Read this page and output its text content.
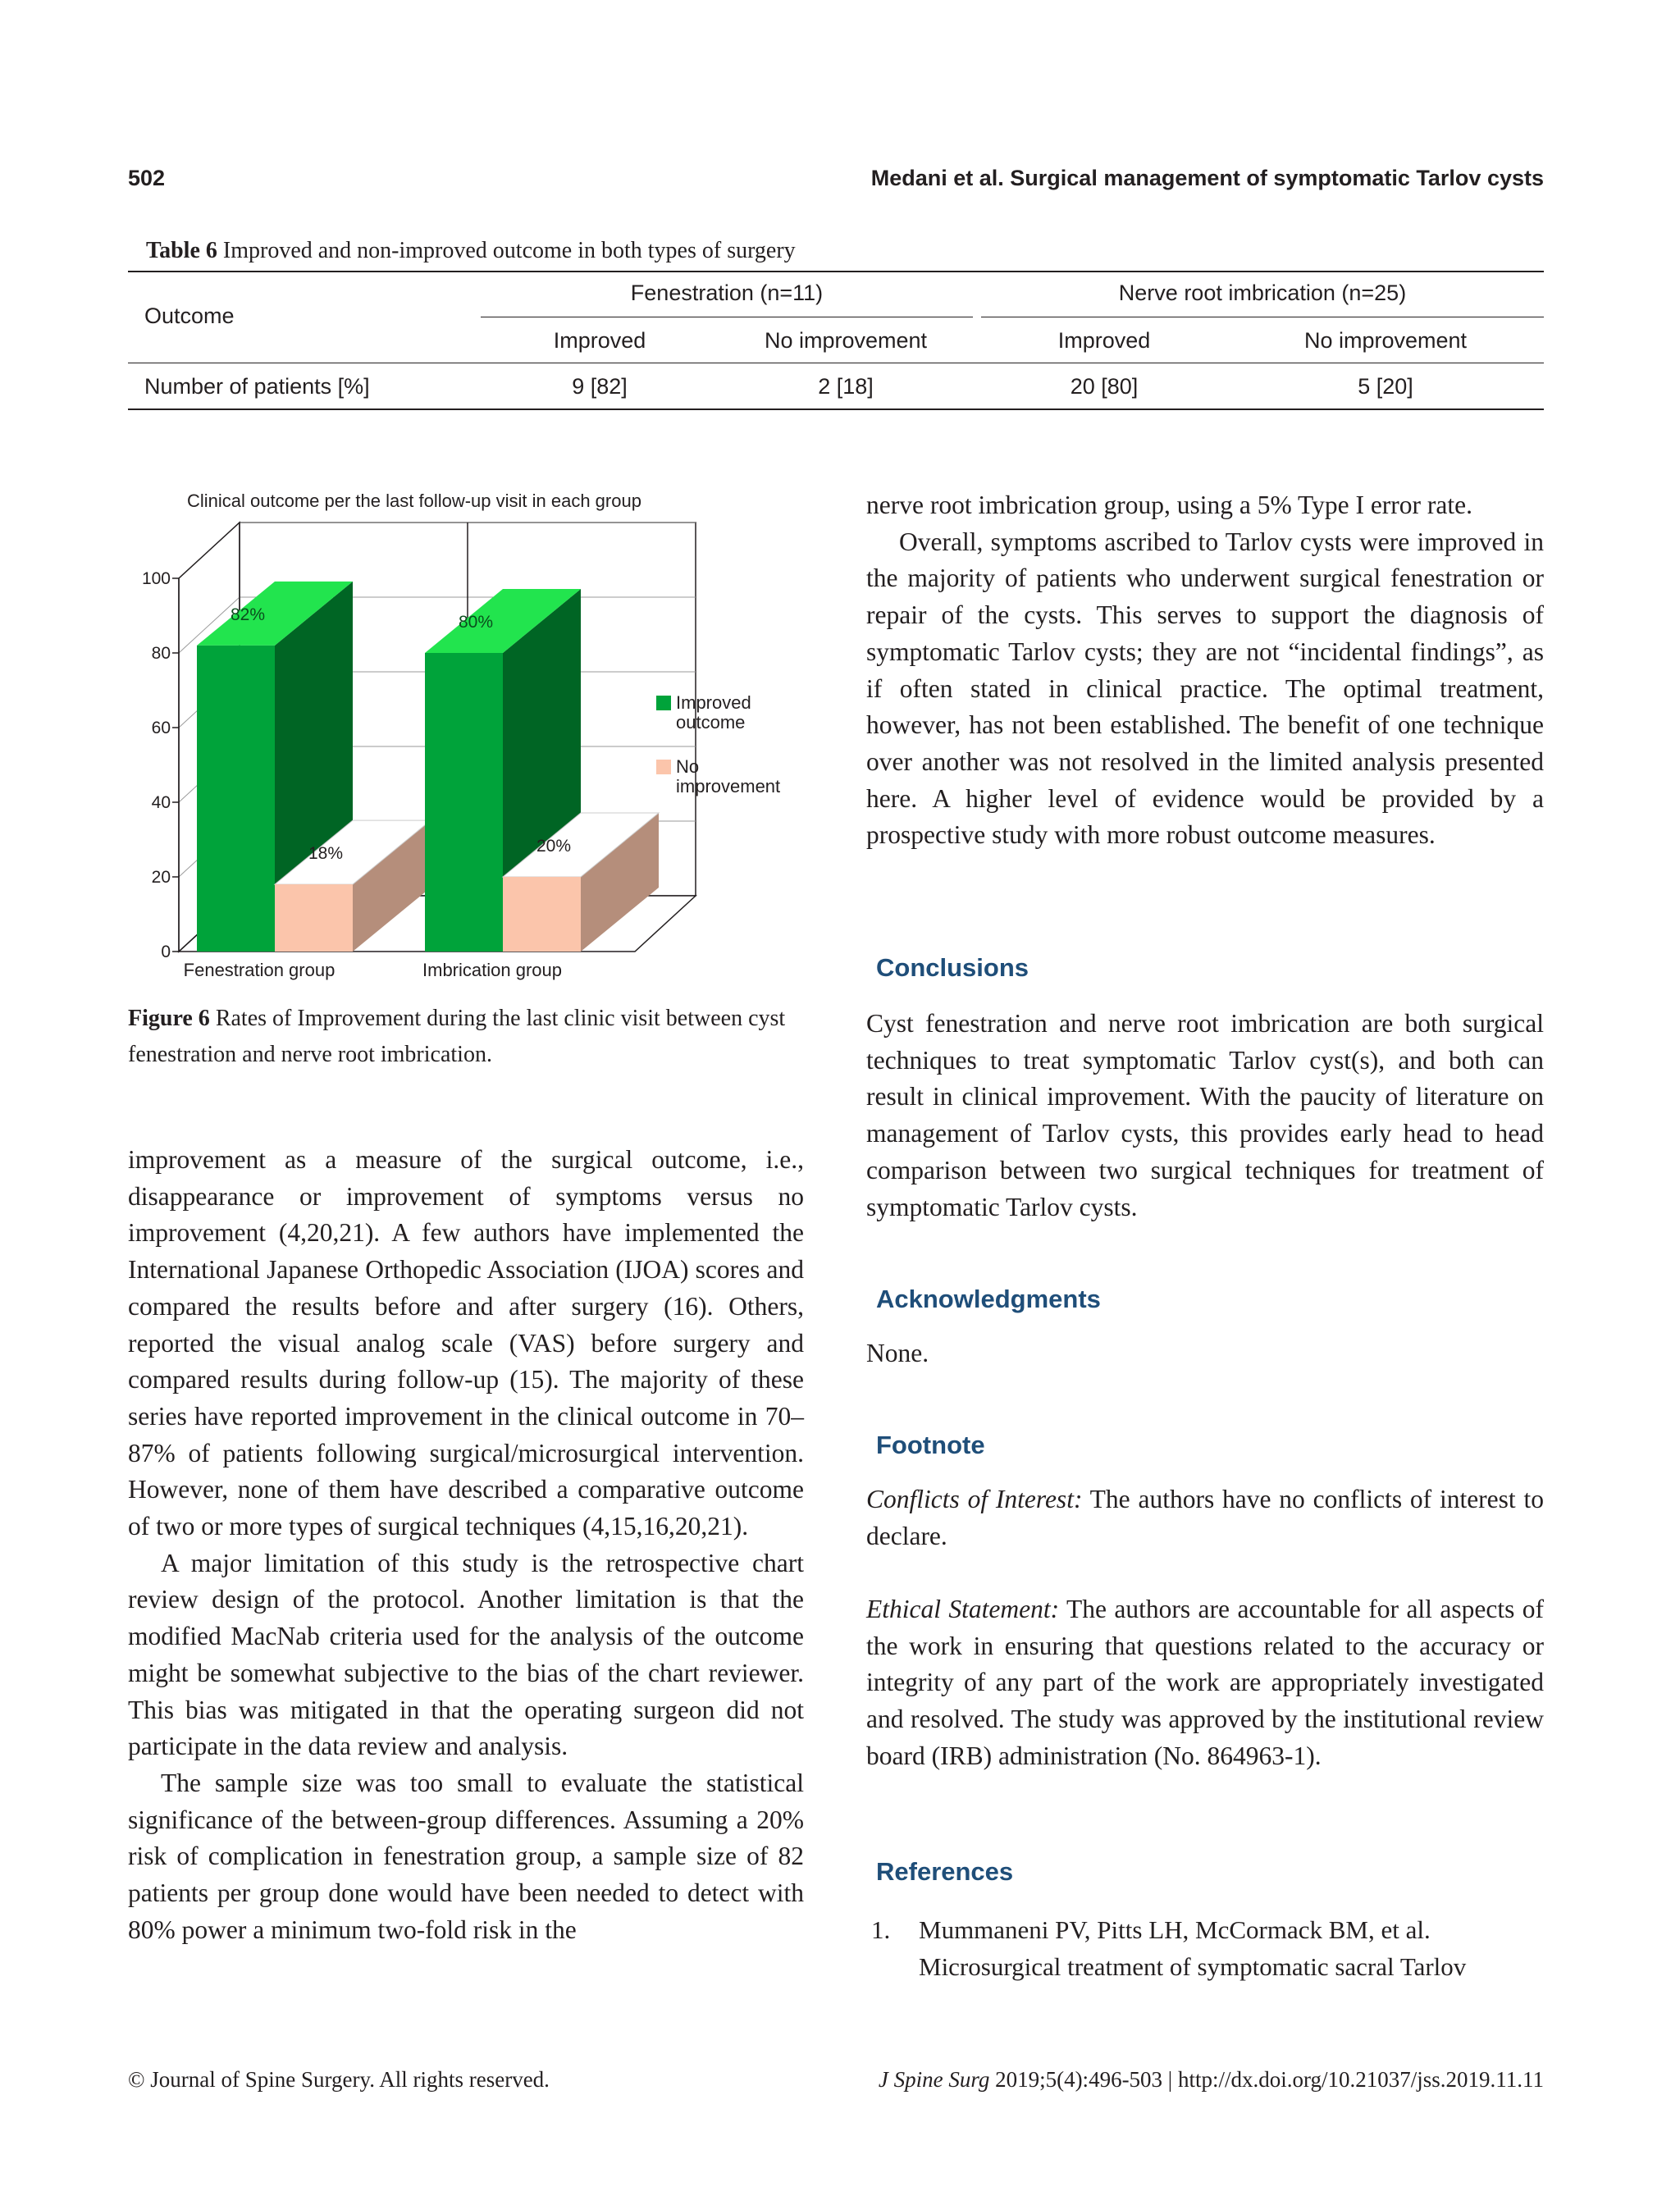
502	Medani et al. Surgical management of symptomatic Tarlov cysts
Table 6 Improved and non-improved outcome in both types of surgery
Outcome
Fenestration (n=11)	Nerve root imbrication (n=25)
Improved	No improvement	Improved	No improvement
Number of patients [%]	9 [82]	2 [18]	20 [80]	5 [20]
Clinical outcome per the last follow-up visit in each group
82%
18%
80%
20%
Fenestration group	Imbrication group
0
20
40
60
80
100
Improved
outcome
No
improvement
Figure 6 Rates of Improvement during the last clinic visit between cyst fenestration and nerve root imbrication.

improvement as a measure of the surgical outcome, i.e., disappearance or improvement of symptoms versus no improvement (4,20,21). A few authors have implemented the International Japanese Orthopedic Association (IJOA) scores and compared the results before and after surgery (16). Others, reported the visual analog scale (VAS) before surgery and compared results during follow-up (15). The majority of these series have reported improvement in the clinical outcome in 70–87% of patients following surgical/microsurgical intervention. However, none of them have described a comparative outcome of two or more types of surgical techniques (4,15,16,20,21).

A major limitation of this study is the retrospective chart review design of the protocol. Another limitation is that the modified MacNab criteria used for the analysis of the outcome might be somewhat subjective to the bias of the chart reviewer. This bias was mitigated in that the operating surgeon did not participate in the data review and analysis.

The sample size was too small to evaluate the statistical significance of the between-group differences. Assuming a 20% risk of complication in fenestration group, a sample size of 82 patients per group done would have been needed to detect with 80% power a minimum two-fold risk in the

nerve root imbrication group, using a 5% Type I error rate.

Overall, symptoms ascribed to Tarlov cysts were improved in the majority of patients who underwent surgical fenestration or repair of the cysts. This serves to support the diagnosis of symptomatic Tarlov cysts; they are not “incidental findings”, as if often stated in clinical practice. The optimal treatment, however, has not been established. The benefit of one technique over another was not resolved in the limited analysis presented here. A higher level of evidence would be provided by a prospective study with more robust outcome measures.

Conclusions

Cyst fenestration and nerve root imbrication are both surgical techniques to treat symptomatic Tarlov cyst(s), and both can result in clinical improvement. With the paucity of literature on management of Tarlov cysts, this provides early head to head comparison between two surgical techniques for treatment of symptomatic Tarlov cysts.

Acknowledgments

None.

Footnote

Conflicts of Interest: The authors have no conflicts of interest to declare.

Ethical Statement: The authors are accountable for all aspects of the work in ensuring that questions related to the accuracy or integrity of any part of the work are appropriately investigated and resolved. The study was approved by the institutional review board (IRB) administration (No. 864963-1).

References
1. Mummaneni PV, Pitts LH, McCormack BM, et al. Microsurgical treatment of symptomatic sacral Tarlov
© Journal of Spine Surgery. All rights reserved.	J Spine Surg 2019;5(4):496-503 | http://dx.doi.org/10.21037/jss.2019.11.11
